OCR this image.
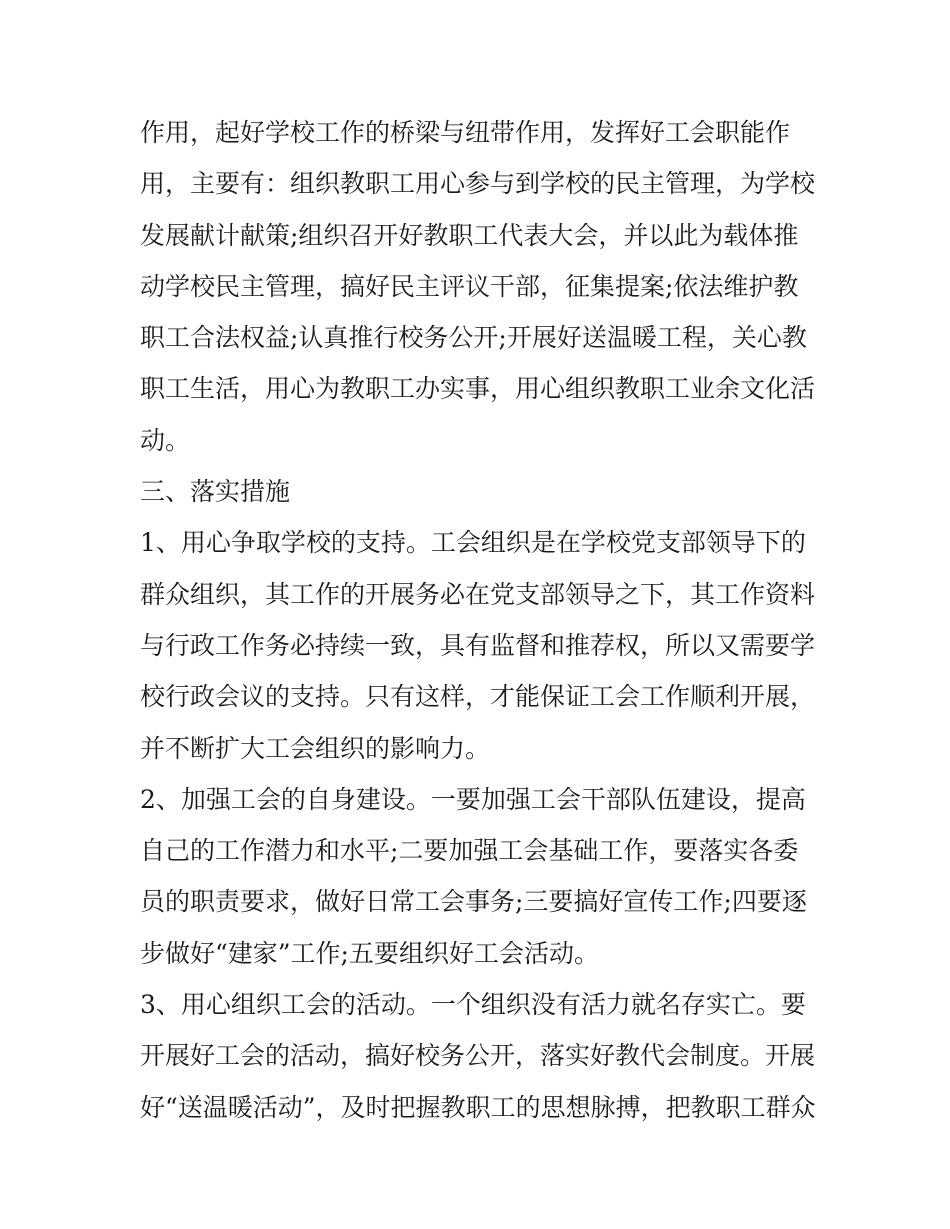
作用，起好学校工作的桥梁与纽带作用，发挥好工会职能作
用，主要有：组织教职工用心参与到学校的民主管理，为学校
发展献计献策;组织召开好教职工代表大会，并以此为载体推
动学校民主管理，搞好民主评议干部，征集提案;依法维护教
职工合法权益;认真推行校务公开;开展好送温暖工程，关心教
职工生活，用心为教职工办实事，用心组织教职工业余文化活
动。
三、落实措施
1、用心争取学校的支持。工会组织是在学校党支部领导下的
群众组织，其工作的开展务必在党支部领导之下，其工作资料
与行政工作务必持续一致，具有监督和推荐权，所以又需要学
校行政会议的支持。只有这样，才能保证工会工作顺利开展，
并不断扩大工会组织的影响力。
2、加强工会的自身建设。一要加强工会干部队伍建设，提高
自己的工作潜力和水平;二要加强工会基础工作，要落实各委
员的职责要求，做好日常工会事务;三要搞好宣传工作;四要逐
步做好“建家”工作;五要组织好工会活动。
3、用心组织工会的活动。一个组织没有活力就名存实亡。要
开展好工会的活动，搞好校务公开，落实好教代会制度。开展
好“送温暖活动”，及时把握教职工的思想脉搏，把教职工群众
